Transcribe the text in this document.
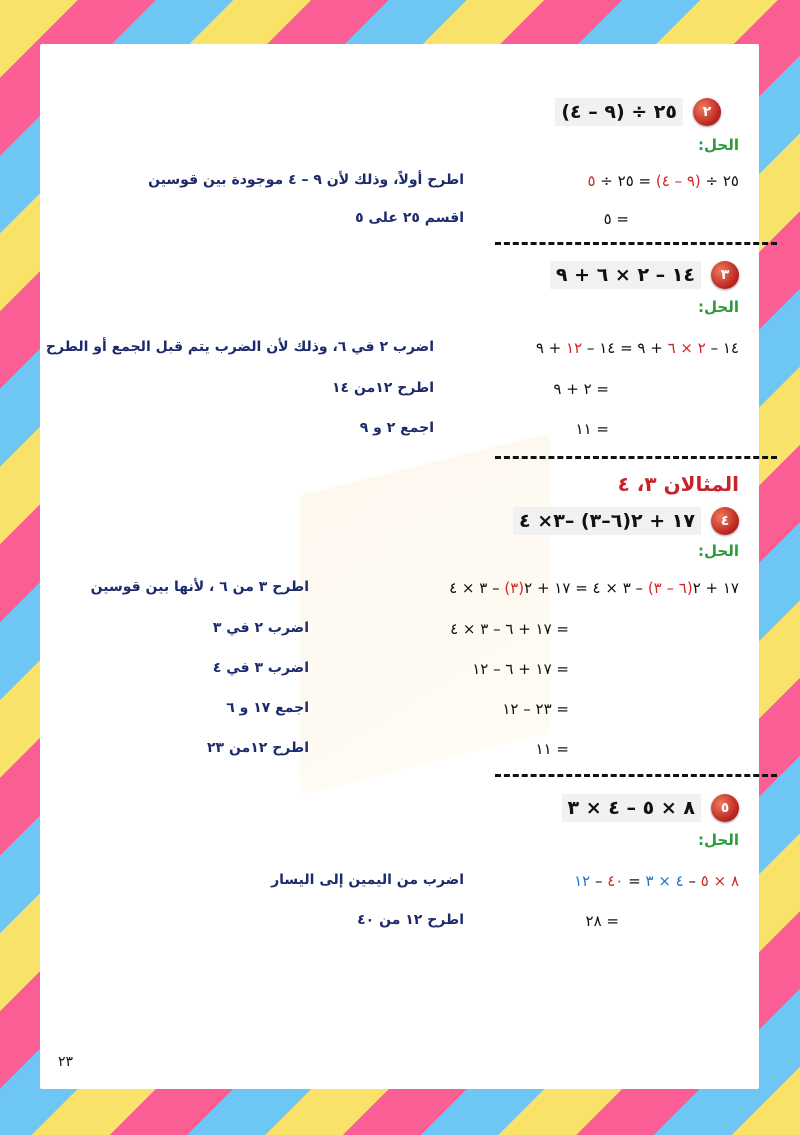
٢
٢٥ ÷ (٩ – ٤)
الحل:
٢٥ ÷ (٩ – ٤) = ٢٥ ÷ ٥
اطرح أولاً، وذلك لأن ٩ – ٤ موجودة بين قوسين
= ٥
اقسم ٢٥ على ٥
٣
١٤ – ٢ × ٦ + ٩
الحل:
١٤ – ٢ × ٦ + ٩ = ١٤ – ١٢ + ٩
اضرب ٢ في ٦، وذلك لأن الضرب يتم قبل الجمع أو الطرح
= ٢ + ٩
اطرح ١٢من ١٤
= ١١
اجمع ٢ و ٩
المثالان ٣، ٤
٤
١٧ + ٢(٦–٣) –٣× ٤
الحل:
١٧ + ٢(٦ – ٣) – ٣ × ٤ = ١٧ + ٢(٣) – ٣ × ٤
اطرح ٣ من ٦ ، لأنها بين قوسين
= ١٧ + ٦ – ٣ × ٤
اضرب ٢ في ٣
= ١٧ + ٦ – ١٢
اضرب ٣ في ٤
= ٢٣ – ١٢
اجمع ١٧ و ٦
= ١١
اطرح ١٢من ٢٣
٥
٨ × ٥ – ٤ × ٣
الحل:
٨ × ٥ – ٤ × ٣ = ٤٠ – ١٢
اضرب من اليمين إلى اليسار
= ٢٨
اطرح ١٢ من ٤٠
٢٣
